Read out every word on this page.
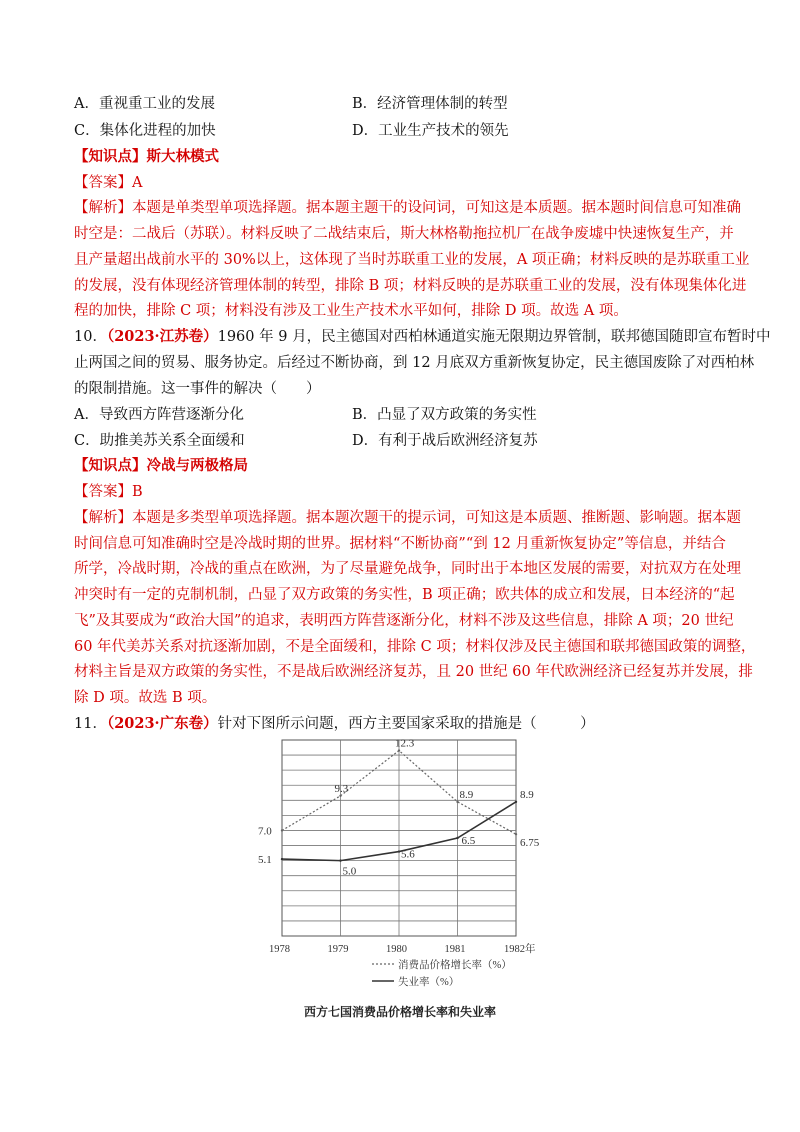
A．重视重工业的发展	B．经济管理体制的转型
C．集体化进程的加快	D．工业生产技术的领先
【知识点】斯大林模式
【答案】A
【解析】本题是单类型单项选择题。据本题主题干的设问词，可知这是本质题。据本题时间信息可知准确
时空是：二战后（苏联）。材料反映了二战结束后，斯大林格勒拖拉机厂在战争废墟中快速恢复生产，并
且产量超出战前水平的 30%以上，这体现了当时苏联重工业的发展，A 项正确；材料反映的是苏联重工业
的发展，没有体现经济管理体制的转型，排除 B 项；材料反映的是苏联重工业的发展，没有体现集体化进
程的加快，排除 C 项；材料没有涉及工业生产技术水平如何，排除 D 项。故选 A 项。
10．（2023·江苏卷）1960 年 9 月，民主德国对西柏林通道实施无限期边界管制，联邦德国随即宣布暂时中
止两国之间的贸易、服务协定。后经过不断协商，到 12 月底双方重新恢复协定，民主德国废除了对西柏林
的限制措施。这一事件的解决（　　）
A．导致西方阵营逐渐分化	B．凸显了双方政策的务实性
C．助推美苏关系全面缓和	D．有利于战后欧洲经济复苏
【知识点】冷战与两极格局
【答案】B
【解析】本题是多类型单项选择题。据本题次题干的提示词，可知这是本质题、推断题、影响题。据本题
时间信息可知准确时空是冷战时期的世界。据材料“不断协商”“到 12 月重新恢复协定”等信息，并结合
所学，冷战时期，冷战的重点在欧洲，为了尽量避免战争，同时出于本地区发展的需要，对抗双方在处理
冲突时有一定的克制机制，凸显了双方政策的务实性，B 项正确；欧共体的成立和发展，日本经济的“起
飞”及其要成为“政治大国”的追求，表明西方阵营逐渐分化，材料不涉及这些信息，排除 A 项；20 世纪
60 年代美苏关系对抗逐渐加剧，不是全面缓和，排除 C 项；材料仅涉及民主德国和联邦德国政策的调整，
材料主旨是双方政策的务实性，不是战后欧洲经济复苏，且 20 世纪 60 年代欧洲经济已经复苏并发展，排
除 D 项。故选 B 项。
11．（2023·广东卷）针对下图所示问题，西方主要国家采取的措施是（　　　）
7.0
9.3
12.3
8.9
6.75
5.1
5.0
5.6
6.5
8.9
1978	1979	1980	1981	1982年
消费品价格增长率（%）
失业率（%）
西方七国消费品价格增长率和失业率
